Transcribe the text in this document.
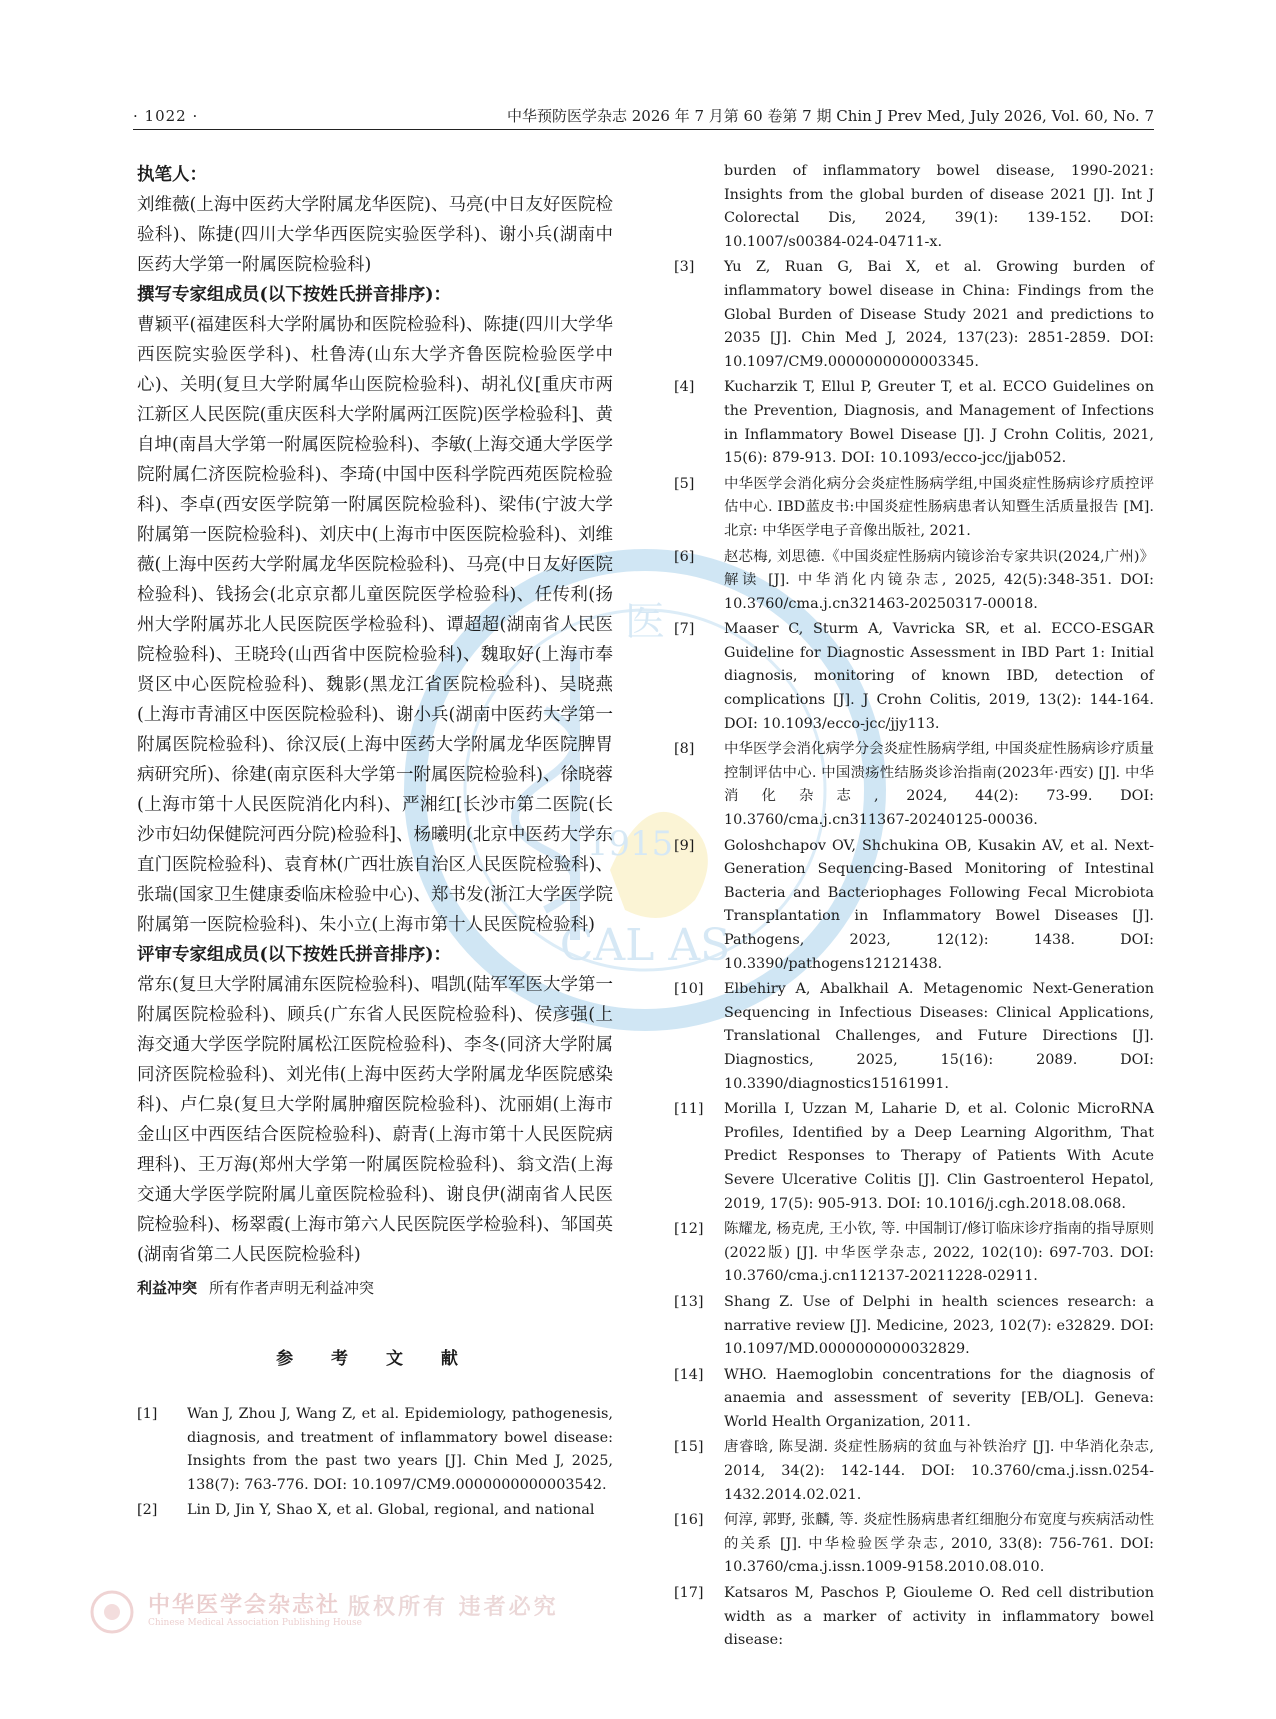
医
1915
CAL AS
· 1022 ·	中华预防医学杂志 2026 年 7 月第 60 卷第 7 期 Chin J Prev Med, July 2026, Vol. 60, No. 7

执笔人：

刘维薇(上海中医药大学附属龙华医院)、马亮(中日友好医院检验科)、陈捷(四川大学华西医院实验医学科)、谢小兵(湖南中医药大学第一附属医院检验科)

撰写专家组成员(以下按姓氏拼音排序)：

曹颖平(福建医科大学附属协和医院检验科)、陈捷(四川大学华西医院实验医学科)、杜鲁涛(山东大学齐鲁医院检验医学中心)、关明(复旦大学附属华山医院检验科)、胡礼仪[重庆市两江新区人民医院(重庆医科大学附属两江医院)医学检验科]、黄自坤(南昌大学第一附属医院检验科)、李敏(上海交通大学医学院附属仁济医院检验科)、李琦(中国中医科学院西苑医院检验科)、李卓(西安医学院第一附属医院检验科)、梁伟(宁波大学附属第一医院检验科)、刘庆中(上海市中医医院检验科)、刘维薇(上海中医药大学附属龙华医院检验科)、马亮(中日友好医院检验科)、钱扬会(北京京都儿童医院医学检验科)、任传利(扬州大学附属苏北人民医院医学检验科)、谭超超(湖南省人民医院检验科)、王晓玲(山西省中医院检验科)、魏取好(上海市奉贤区中心医院检验科)、魏影(黑龙江省医院检验科)、吴晓燕(上海市青浦区中医医院检验科)、谢小兵(湖南中医药大学第一附属医院检验科)、徐汉辰(上海中医药大学附属龙华医院脾胃病研究所)、徐建(南京医科大学第一附属医院检验科)、徐晓蓉(上海市第十人民医院消化内科)、严湘红[长沙市第二医院(长沙市妇幼保健院河西分院)检验科]、杨曦明(北京中医药大学东直门医院检验科)、袁育林(广西壮族自治区人民医院检验科)、张瑞(国家卫生健康委临床检验中心)、郑书发(浙江大学医学院附属第一医院检验科)、朱小立(上海市第十人民医院检验科)

评审专家组成员(以下按姓氏拼音排序)：

常东(复旦大学附属浦东医院检验科)、唱凯(陆军军医大学第一附属医院检验科)、顾兵(广东省人民医院检验科)、侯彦强(上海交通大学医学院附属松江医院检验科)、李冬(同济大学附属同济医院检验科)、刘光伟(上海中医药大学附属龙华医院感染科)、卢仁泉(复旦大学附属肿瘤医院检验科)、沈丽娟(上海市金山区中西医结合医院检验科)、蔚青(上海市第十人民医院病理科)、王万海(郑州大学第一附属医院检验科)、翁文浩(上海交通大学医学院附属儿童医院检验科)、谢良伊(湖南省人民医院检验科)、杨翠霞(上海市第六人民医院医学检验科)、邹国英(湖南省第二人民医院检验科)

利益冲突 所有作者声明无利益冲突

参 考 文 献
[1]	Wan J, Zhou J, Wang Z, et al. Epidemiology, pathogenesis, diagnosis, and treatment of inflammatory bowel disease: Insights from the past two years [J]. Chin Med J, 2025, 138(7): 763-776. DOI: 10.1097/CM9.0000000000003542.
[2]	Lin D, Jin Y, Shao X, et al. Global, regional, and national
burden of inflammatory bowel disease, 1990-2021: Insights from the global burden of disease 2021 [J]. Int J Colorectal Dis, 2024, 39(1): 139-152. DOI: 10.1007/s00384-024-04711-x.
[3]	Yu Z, Ruan G, Bai X, et al. Growing burden of inflammatory bowel disease in China: Findings from the Global Burden of Disease Study 2021 and predictions to 2035 [J]. Chin Med J, 2024, 137(23): 2851-2859. DOI: 10.1097/CM9.0000000000003345.
[4]	Kucharzik T, Ellul P, Greuter T, et al. ECCO Guidelines on the Prevention, Diagnosis, and Management of Infections in Inflammatory Bowel Disease [J]. J Crohn Colitis, 2021, 15(6): 879-913. DOI: 10.1093/ecco-jcc/jjab052.
[5]	中华医学会消化病分会炎症性肠病学组,中国炎症性肠病诊疗质控评估中心. IBD蓝皮书:中国炎症性肠病患者认知暨生活质量报告 [M]. 北京: 中华医学电子音像出版社, 2021.
[6]	赵芯梅, 刘思德.《中国炎症性肠病内镜诊治专家共识(2024,广州)》解读 [J]. 中华消化内镜杂志, 2025, 42(5):348-351. DOI: 10.3760/cma.j.cn321463-20250317-00018.
[7]	Maaser C, Sturm A, Vavricka SR, et al. ECCO-ESGAR Guideline for Diagnostic Assessment in IBD Part 1: Initial diagnosis, monitoring of known IBD, detection of complications [J]. J Crohn Colitis, 2019, 13(2): 144-164. DOI: 10.1093/ecco-jcc/jjy113.
[8]	中华医学会消化病学分会炎症性肠病学组, 中国炎症性肠病诊疗质量控制评估中心. 中国溃疡性结肠炎诊治指南(2023年·西安) [J]. 中华消化杂志, 2024, 44(2): 73-99. DOI: 10.3760/cma.j.cn311367-20240125-00036.
[9]	Goloshchapov OV, Shchukina OB, Kusakin AV, et al. Next-Generation Sequencing-Based Monitoring of Intestinal Bacteria and Bacteriophages Following Fecal Microbiota Transplantation in Inflammatory Bowel Diseases [J]. Pathogens, 2023, 12(12): 1438. DOI: 10.3390/pathogens12121438.
[10]	Elbehiry A, Abalkhail A. Metagenomic Next-Generation Sequencing in Infectious Diseases: Clinical Applications, Translational Challenges, and Future Directions [J]. Diagnostics, 2025, 15(16): 2089. DOI: 10.3390/diagnostics15161991.
[11]	Morilla I, Uzzan M, Laharie D, et al. Colonic MicroRNA Profiles, Identified by a Deep Learning Algorithm, That Predict Responses to Therapy of Patients With Acute Severe Ulcerative Colitis [J]. Clin Gastroenterol Hepatol, 2019, 17(5): 905-913. DOI: 10.1016/j.cgh.2018.08.068.
[12]	陈耀龙, 杨克虎, 王小钦, 等. 中国制订/修订临床诊疗指南的指导原则(2022版) [J]. 中华医学杂志, 2022, 102(10): 697-703. DOI: 10.3760/cma.j.cn112137-20211228-02911.
[13]	Shang Z. Use of Delphi in health sciences research: a narrative review [J]. Medicine, 2023, 102(7): e32829. DOI: 10.1097/MD.0000000000032829.
[14]	WHO. Haemoglobin concentrations for the diagnosis of anaemia and assessment of severity [EB/OL]. Geneva: World Health Organization, 2011.
[15]	唐睿晗, 陈旻湖. 炎症性肠病的贫血与补铁治疗 [J]. 中华消化杂志, 2014, 34(2): 142-144. DOI: 10.3760/cma.j.issn.0254-1432.2014.02.021.
[16]	何淳, 郭野, 张麟, 等. 炎症性肠病患者红细胞分布宽度与疾病活动性的关系 [J]. 中华检验医学杂志, 2010, 33(8): 756-761. DOI: 10.3760/cma.j.issn.1009-9158.2010.08.010.
[17]	Katsaros M, Paschos P, Giouleme O. Red cell distribution width as a marker of activity in inflammatory bowel disease:
中华医学会杂志社
Chinese Medical Association Publishing House
版权所有 违者必究
